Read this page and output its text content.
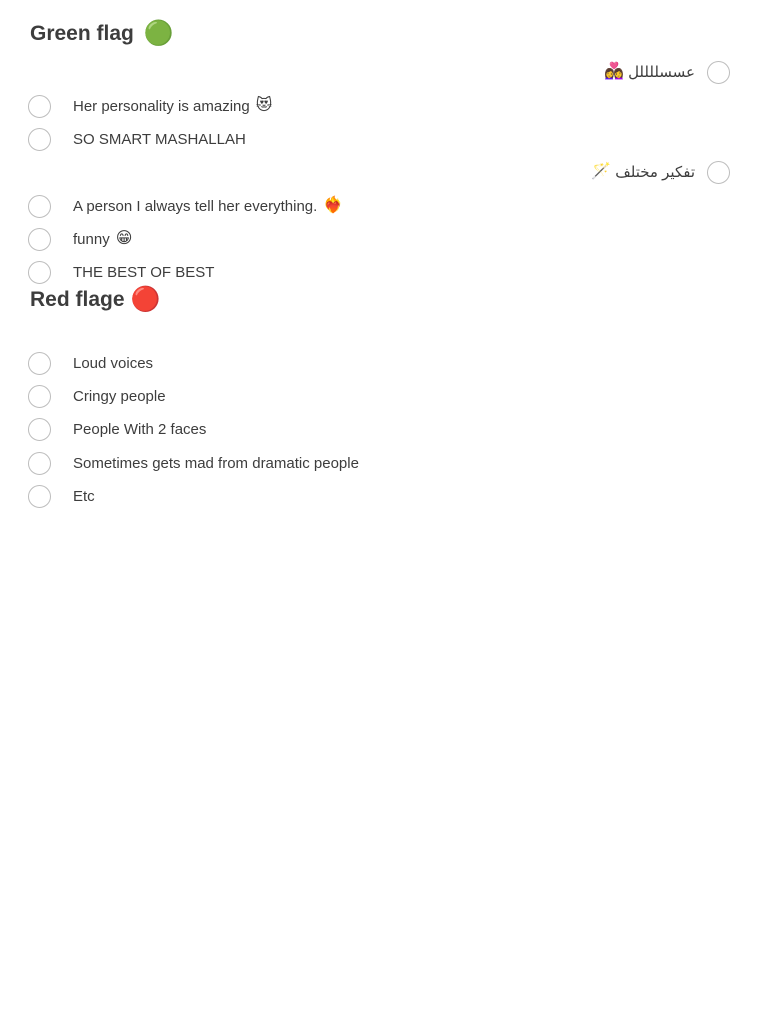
Green flag 🟢
عسسللللل
👩‍❤️‍👩
Her personality is amazing 😻
SO SMART MASHALLAH
تفكير مختلف
🪄
A person I always tell her everything. ❤️‍🔥
funny 😁
THE BEST OF BEST
Red flage 🔴
Loud voices
Cringy people
People With 2 faces
Sometimes gets mad from dramatic people
Etc
